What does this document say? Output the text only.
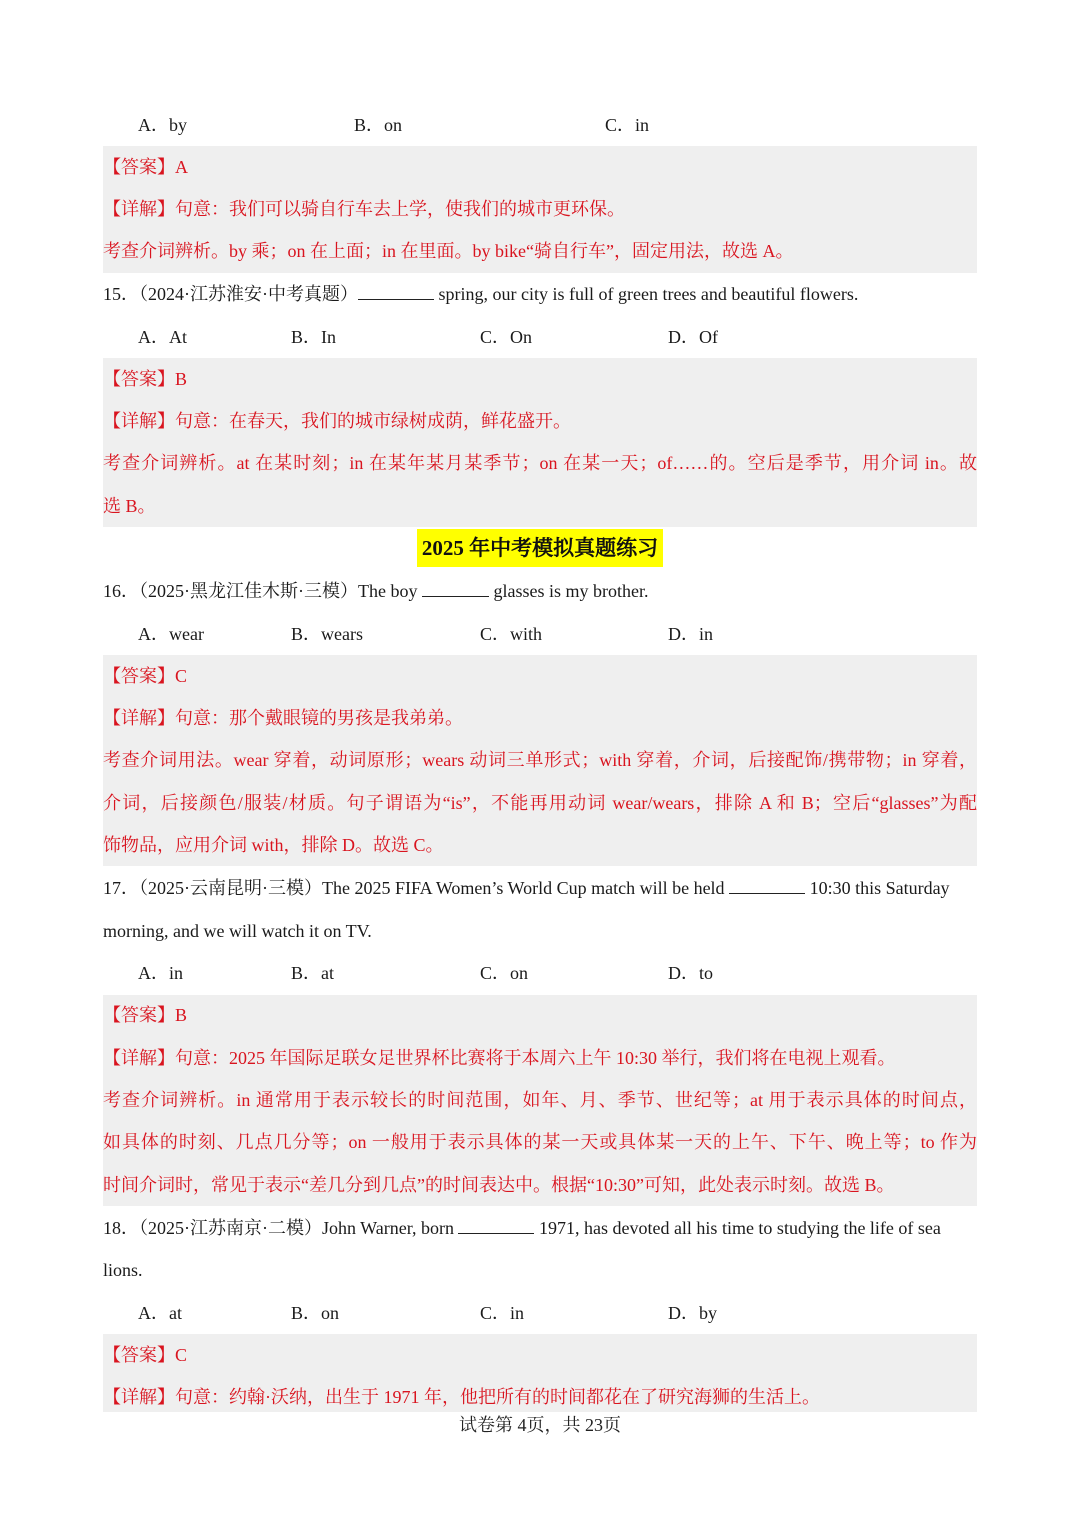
A．by	B．on	C．in
【答案】A
【详解】句意：我们可以骑自行车去上学，使我们的城市更环保。
考查介词辨析。by 乘；on 在上面；in 在里面。by bike“骑自行车”，固定用法，故选 A。
15．（2024·江苏淮安·中考真题）	spring, our city is full of green trees and beautiful flowers.
A．At	B．In	C．On	D．Of
【答案】B
【详解】句意：在春天，我们的城市绿树成荫，鲜花盛开。
考查介词辨析。at 在某时刻；in 在某年某月某季节；on 在某一天；of……的。空后是季节，用介词 in。故
选 B。
2025 年中考模拟真题练习
16．（2025·黑龙江佳木斯·三模）The boy	glasses is my brother.
A．wear	B．wears	C．with	D．in
【答案】C
【详解】句意：那个戴眼镜的男孩是我弟弟。
考查介词用法。wear 穿着，动词原形；wears 动词三单形式；with 穿着，介词，后接配饰/携带物；in 穿着，
介词，后接颜色/服装/材质。句子谓语为“is”，不能再用动词 wear/wears，排除 A 和 B；空后“glasses”为配
饰物品，应用介词 with，排除 D。故选 C。
17．（2025·云南昆明·三模）The 2025 FIFA Women’s World Cup match will be held	10:30 this Saturday
morning, and we will watch it on TV.
A．in	B．at	C．on	D．to
【答案】B
【详解】句意：2025 年国际足联女足世界杯比赛将于本周六上午 10:30 举行，我们将在电视上观看。
考查介词辨析。in 通常用于表示较长的时间范围，如年、月、季节、世纪等；at 用于表示具体的时间点，
如具体的时刻、几点几分等；on 一般用于表示具体的某一天或具体某一天的上午、下午、晚上等；to 作为
时间介词时，常见于表示“差几分到几点”的时间表达中。根据“10:30”可知，此处表示时刻。故选 B。
18．（2025·江苏南京·二模）John Warner, born	1971, has devoted all his time to studying the life of sea
lions.
A．at	B．on	C．in	D．by
【答案】C
【详解】句意：约翰·沃纳，出生于 1971 年，他把所有的时间都花在了研究海狮的生活上。
试卷第 4页，共 23页
